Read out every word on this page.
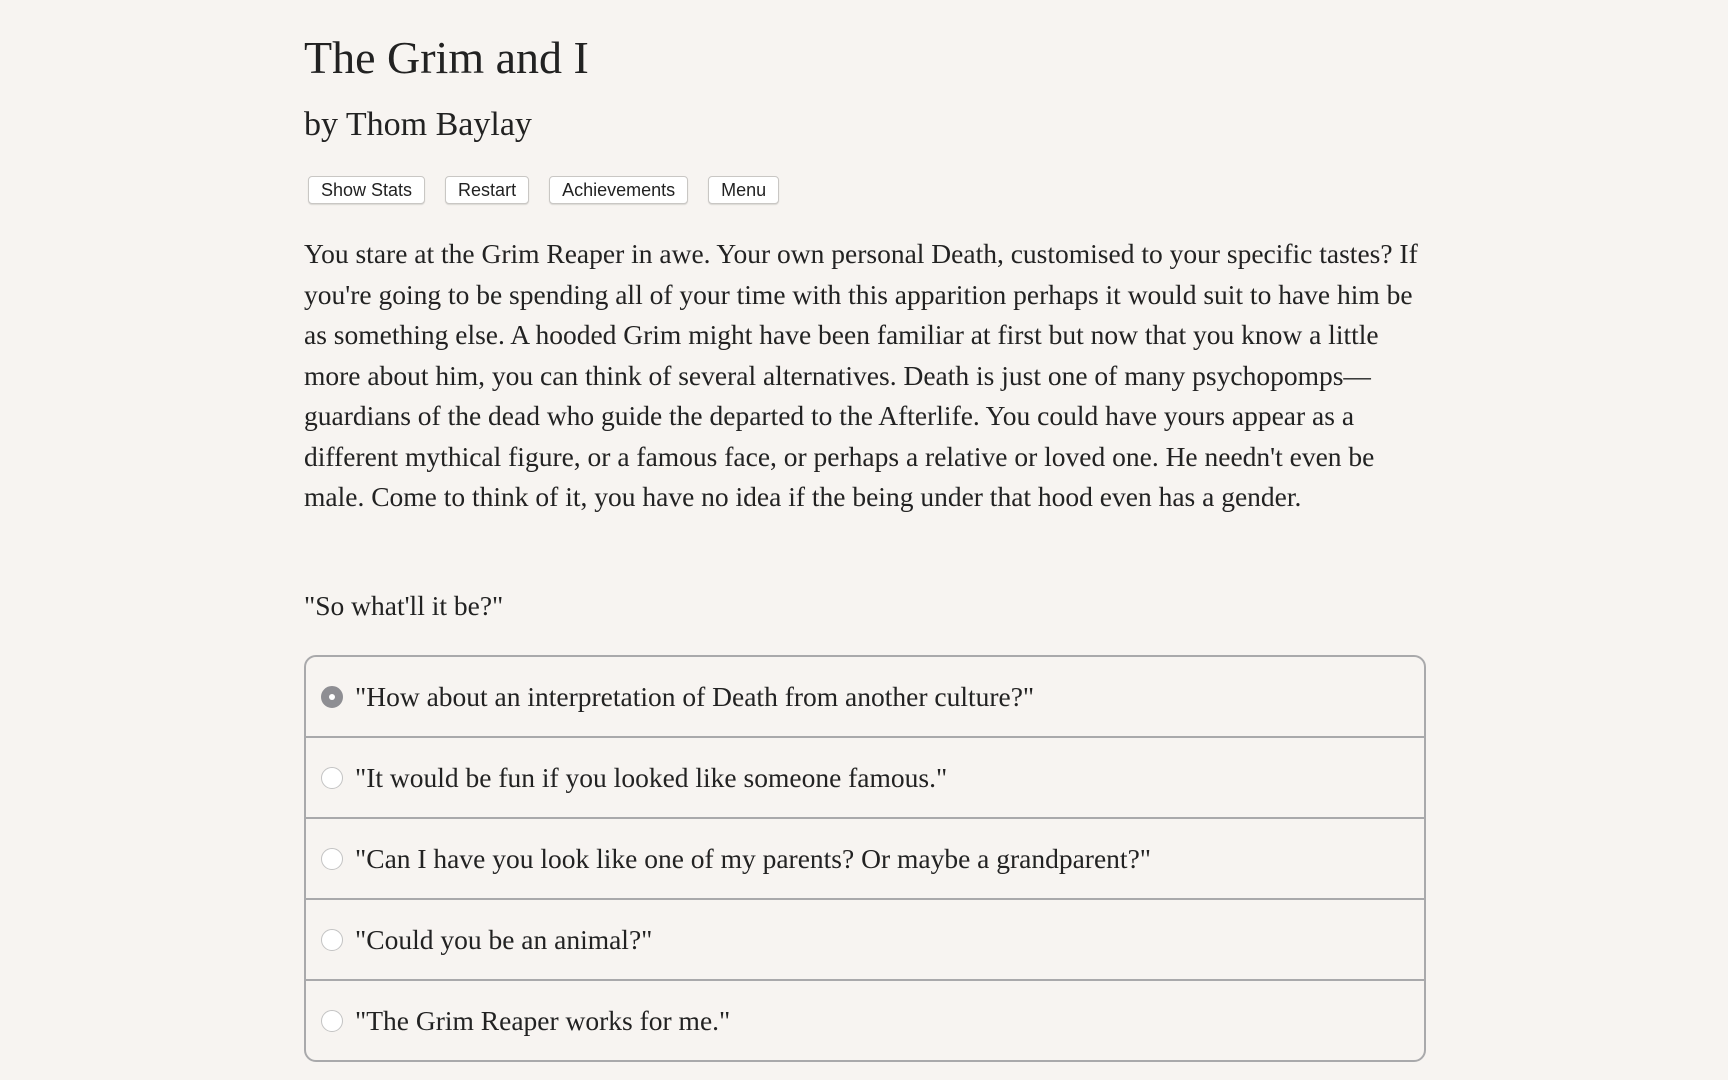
The Grim and I
by Thom Baylay
Show Stats	Restart	Achievements	Menu

You stare at the Grim Reaper in awe. Your own personal Death, customised to your specific tastes? If you're going to be spending all of your time with this apparition perhaps it would suit to have him be as something else. A hooded Grim might have been familiar at first but now that you know a little more about him, you can think of several alternatives. Death is just one of many psychopomps—guardians of the dead who guide the departed to the Afterlife. You could have yours appear as a different mythical figure, or a famous face, or perhaps a relative or loved one. He needn't even be male. Come to think of it, you have no idea if the being under that hood even has a gender.

"So what'll it be?"
"How about an interpretation of Death from another culture?"
"It would be fun if you looked like someone famous."
"Can I have you look like one of my parents? Or maybe a grandparent?"
"Could you be an animal?"
"The Grim Reaper works for me."
